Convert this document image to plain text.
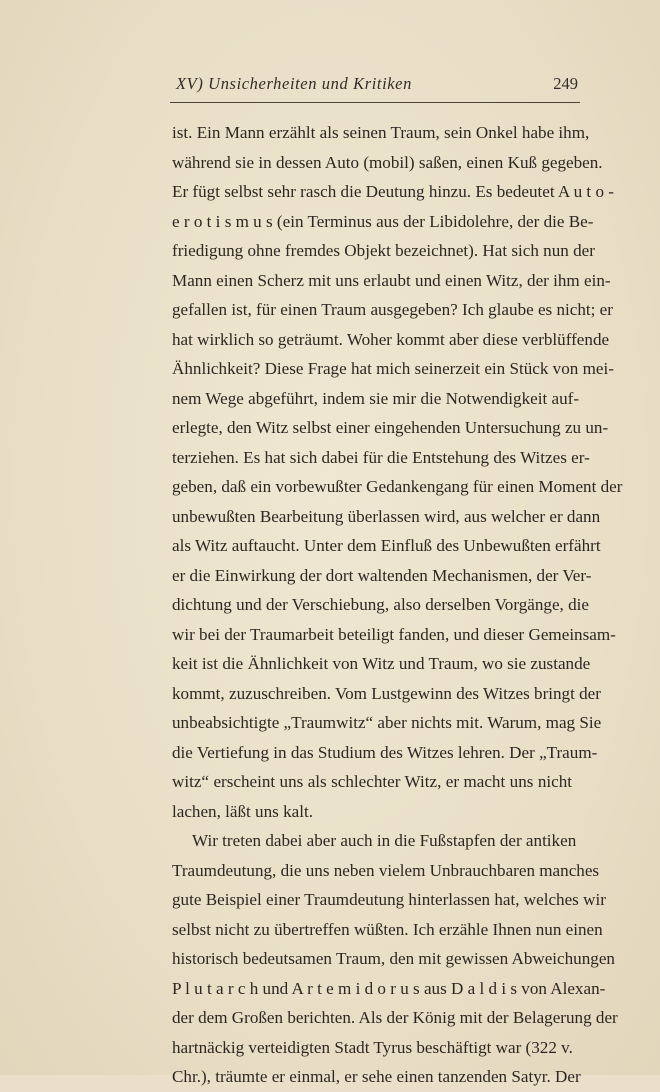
XV) Unsicherheiten und Kritiken	249
ist. Ein Mann erzählt als seinen Traum, sein Onkel habe ihm,
während sie in dessen Auto (mobil) saßen, einen Kuß gegeben.
Er fügt selbst sehr rasch die Deutung hinzu. Es bedeutet A u t o -
e r o t i s m u s (ein Terminus aus der Libidolehre, der die Be-
friedigung ohne fremdes Objekt bezeichnet). Hat sich nun der
Mann einen Scherz mit uns erlaubt und einen Witz, der ihm ein-
gefallen ist, für einen Traum ausgegeben? Ich glaube es nicht; er
hat wirklich so geträumt. Woher kommt aber diese verblüffende
Ähnlichkeit? Diese Frage hat mich seinerzeit ein Stück von mei-
nem Wege abgeführt, indem sie mir die Notwendigkeit auf-
erlegte, den Witz selbst einer eingehenden Untersuchung zu un-
terziehen. Es hat sich dabei für die Entstehung des Witzes er-
geben, daß ein vorbewußter Gedankengang für einen Moment der
unbewußten Bearbeitung überlassen wird, aus welcher er dann
als Witz auftaucht. Unter dem Einfluß des Unbewußten erfährt
er die Einwirkung der dort waltenden Mechanismen, der Ver-
dichtung und der Verschiebung, also derselben Vorgänge, die
wir bei der Traumarbeit beteiligt fanden, und dieser Gemeinsam-
keit ist die Ähnlichkeit von Witz und Traum, wo sie zustande
kommt, zuzuschreiben. Vom Lustgewinn des Witzes bringt der
unbeabsichtigte „Traumwitz“ aber nichts mit. Warum, mag Sie
die Vertiefung in das Studium des Witzes lehren. Der „Traum-
witz“ erscheint uns als schlechter Witz, er macht uns nicht
lachen, läßt uns kalt.
Wir treten dabei aber auch in die Fußstapfen der antiken
Traumdeutung, die uns neben vielem Unbrauchbaren manches
gute Beispiel einer Traumdeutung hinterlassen hat, welches wir
selbst nicht zu übertreffen wüßten. Ich erzähle Ihnen nun einen
historisch bedeutsamen Traum, den mit gewissen Abweichungen
P l u t a r c h und A r t e m i d o r u s aus D a l d i s von Alexan-
der dem Großen berichten. Als der König mit der Belagerung der
hartnäckig verteidigten Stadt Tyrus beschäftigt war (322 v.
Chr.), träumte er einmal, er sehe einen tanzenden Satyr. Der
